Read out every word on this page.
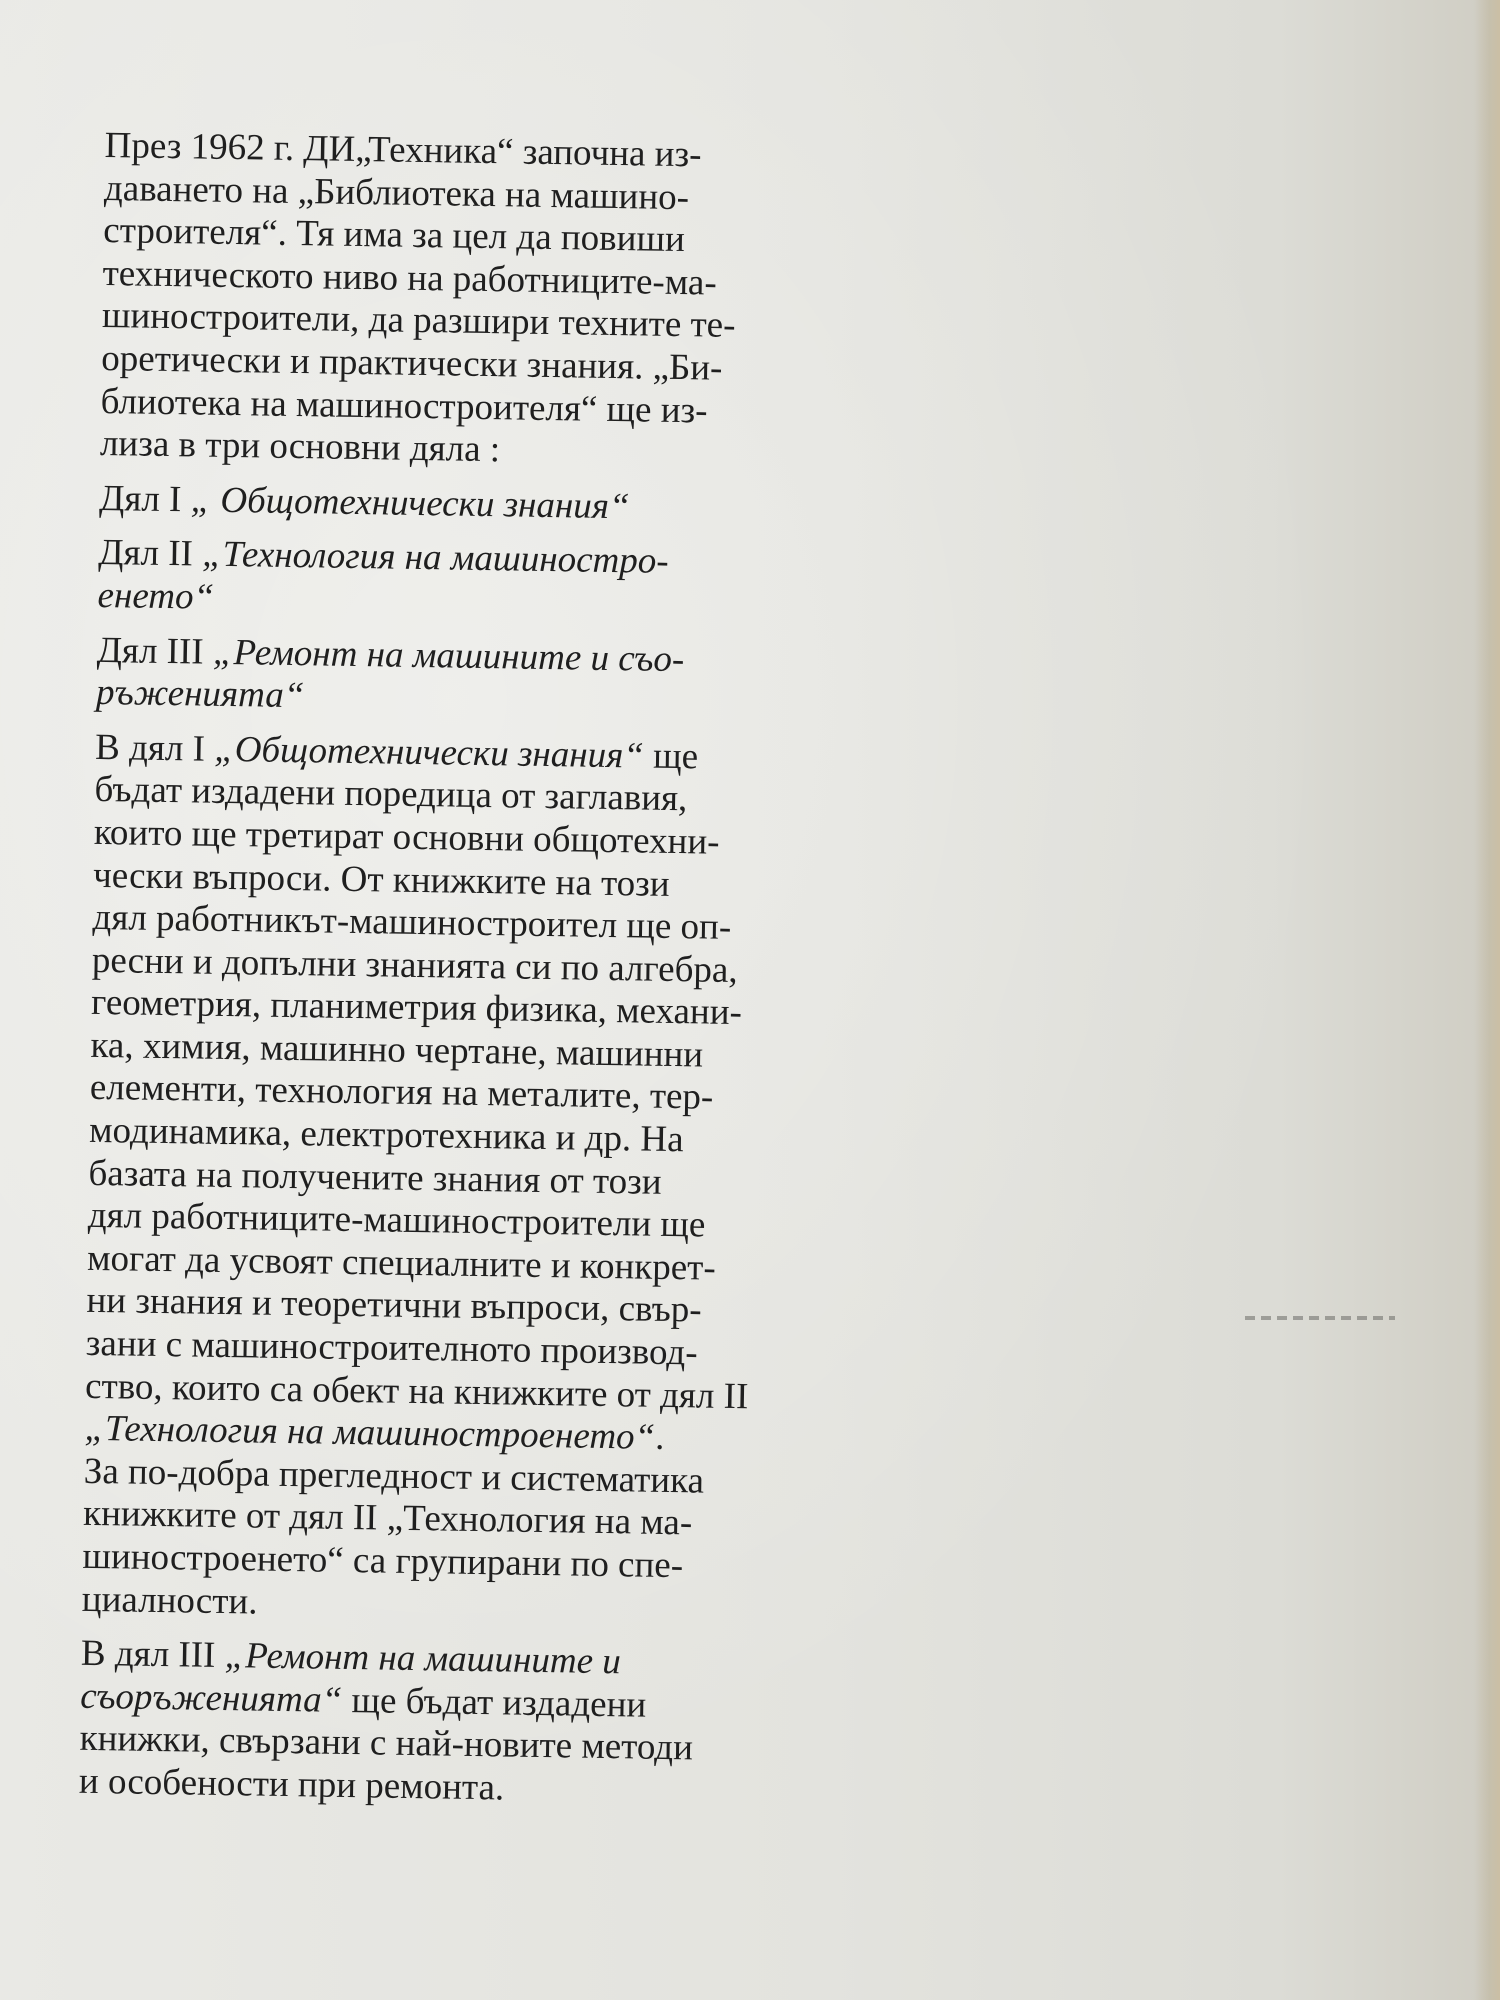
През 1962 г. ДИ„Техника“ започна из-
даването на „Библиотека на машино-
строителя“. Тя има за цел да повиши
техническото ниво на работниците-ма-
шиностроители, да разшири техните те-
оретически и практически знания. „Би-
блиотека на машиностроителя“ ще из-
лиза в три основни дяла :

Дял I „ Общотехнически знания“

Дял II „Технология на машиностро-
енето“

Дял III „Ремонт на машините и съо-
ръженията“

В дял I „Общотехнически знания“ ще
бъдат издадени поредица от заглавия,
които ще третират основни общотехни-
чески въпроси. От книжките на този
дял работникът-машиностроител ще оп-
ресни и допълни знанията си по алгебра,
геометрия, планиметрия физика, механи-
ка, химия, машинно чертане, машинни
елементи, технология на металите, тер-
модинамика, електротехника и др. На
базата на получените знания от този
дял работниците-машиностроители ще
могат да усвоят специалните и конкрет-
ни знания и теоретични въпроси, свър-
зани с машиностроителното производ-
ство, които са обект на книжките от дял II
„Технология на машиностроенето“.
За по-добра прегледност и систематика
книжките от дял II „Технология на ма-
шиностроенето“ са групирани по спе-
циалности.

В дял III „Ремонт на машините и
съоръженията“ ще бъдат издадени
книжки, свързани с най-новите методи
и особености при ремонта.
